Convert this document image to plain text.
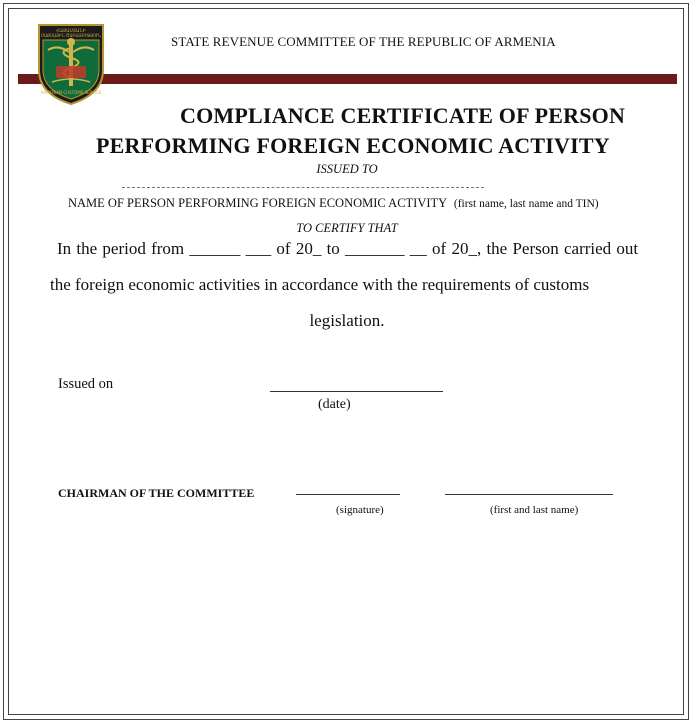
ՀԱՅԱՍՏԱՆԻ
ՄԱՔՍԱՅԻՆ ԾԱՌԱՅՈՒԹՅՈՒՆ
ARMENIAN CUSTOMS SERVICE
STATE REVENUE COMMITTEE OF THE REPUBLIC OF ARMENIA
COMPLIANCE CERTIFICATE OF PERSON
PERFORMING FOREIGN ECONOMIC ACTIVITY
ISSUED TO
NAME OF PERSON PERFORMING FOREIGN ECONOMIC ACTIVITY (first name, last name and TIN)
TO CERTIFY THAT
In the period from ______ ___ of 20_ to _______ __ of 20_, the Person carried out
the foreign economic activities in accordance with the requirements of customs
legislation.
Issued on
(date)
CHAIRMAN OF THE COMMITTEE
(signature)	(first and last name)
